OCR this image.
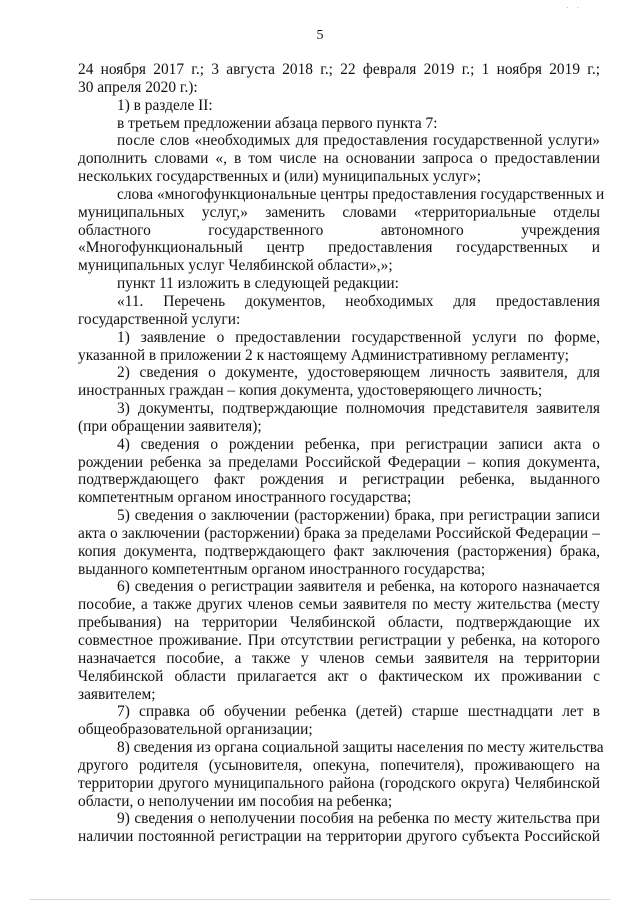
. .
5
24 ноября 2017 г.; 3 августа 2018 г.; 22 февраля 2019 г.; 1 ноября 2019 г.;
30 апреля 2020 г.):
1) в разделе II:
в третьем предложении абзаца первого пункта 7:
после слов «необходимых для предоставления государственной услуги»
дополнить словами «, в том числе на основании запроса о предоставлении
нескольких государственных и (или) муниципальных услуг»;
слова «многофункциональные центры предоставления государственных и
муниципальных услуг,» заменить словами «территориальные отделы
областного государственного автономного учреждения
«Многофункциональный центр предоставления государственных и
муниципальных услуг Челябинской области»,»;
пункт 11 изложить в следующей редакции:
«11. Перечень документов, необходимых для предоставления
государственной услуги:
1) заявление о предоставлении государственной услуги по форме,
указанной в приложении 2 к настоящему Административному регламенту;
2) сведения о документе, удостоверяющем личность заявителя, для
иностранных граждан – копия документа, удостоверяющего личность;
3) документы, подтверждающие полномочия представителя заявителя
(при обращении заявителя);
4) сведения о рождении ребенка, при регистрации записи акта о
рождении ребенка за пределами Российской Федерации – копия документа,
подтверждающего факт рождения и регистрации ребенка, выданного
компетентным органом иностранного государства;
5) сведения о заключении (расторжении) брака, при регистрации записи
акта о заключении (расторжении) брака за пределами Российской Федерации –
копия документа, подтверждающего факт заключения (расторжения) брака,
выданного компетентным органом иностранного государства;
6) сведения о регистрации заявителя и ребенка, на которого назначается
пособие, а также других членов семьи заявителя по месту жительства (месту
пребывания) на территории Челябинской области, подтверждающие их
совместное проживание. При отсутствии регистрации у ребенка, на которого
назначается пособие, а также у членов семьи заявителя на территории
Челябинской области прилагается акт о фактическом их проживании с
заявителем;
7) справка об обучении ребенка (детей) старше шестнадцати лет в
общеобразовательной организации;
8) сведения из органа социальной защиты населения по месту жительства
другого родителя (усыновителя, опекуна, попечителя), проживающего на
территории другого муниципального района (городского округа) Челябинской
области, о неполучении им пособия на ребенка;
9) сведения о неполучении пособия на ребенка по месту жительства при
наличии постоянной регистрации на территории другого субъекта Российской
